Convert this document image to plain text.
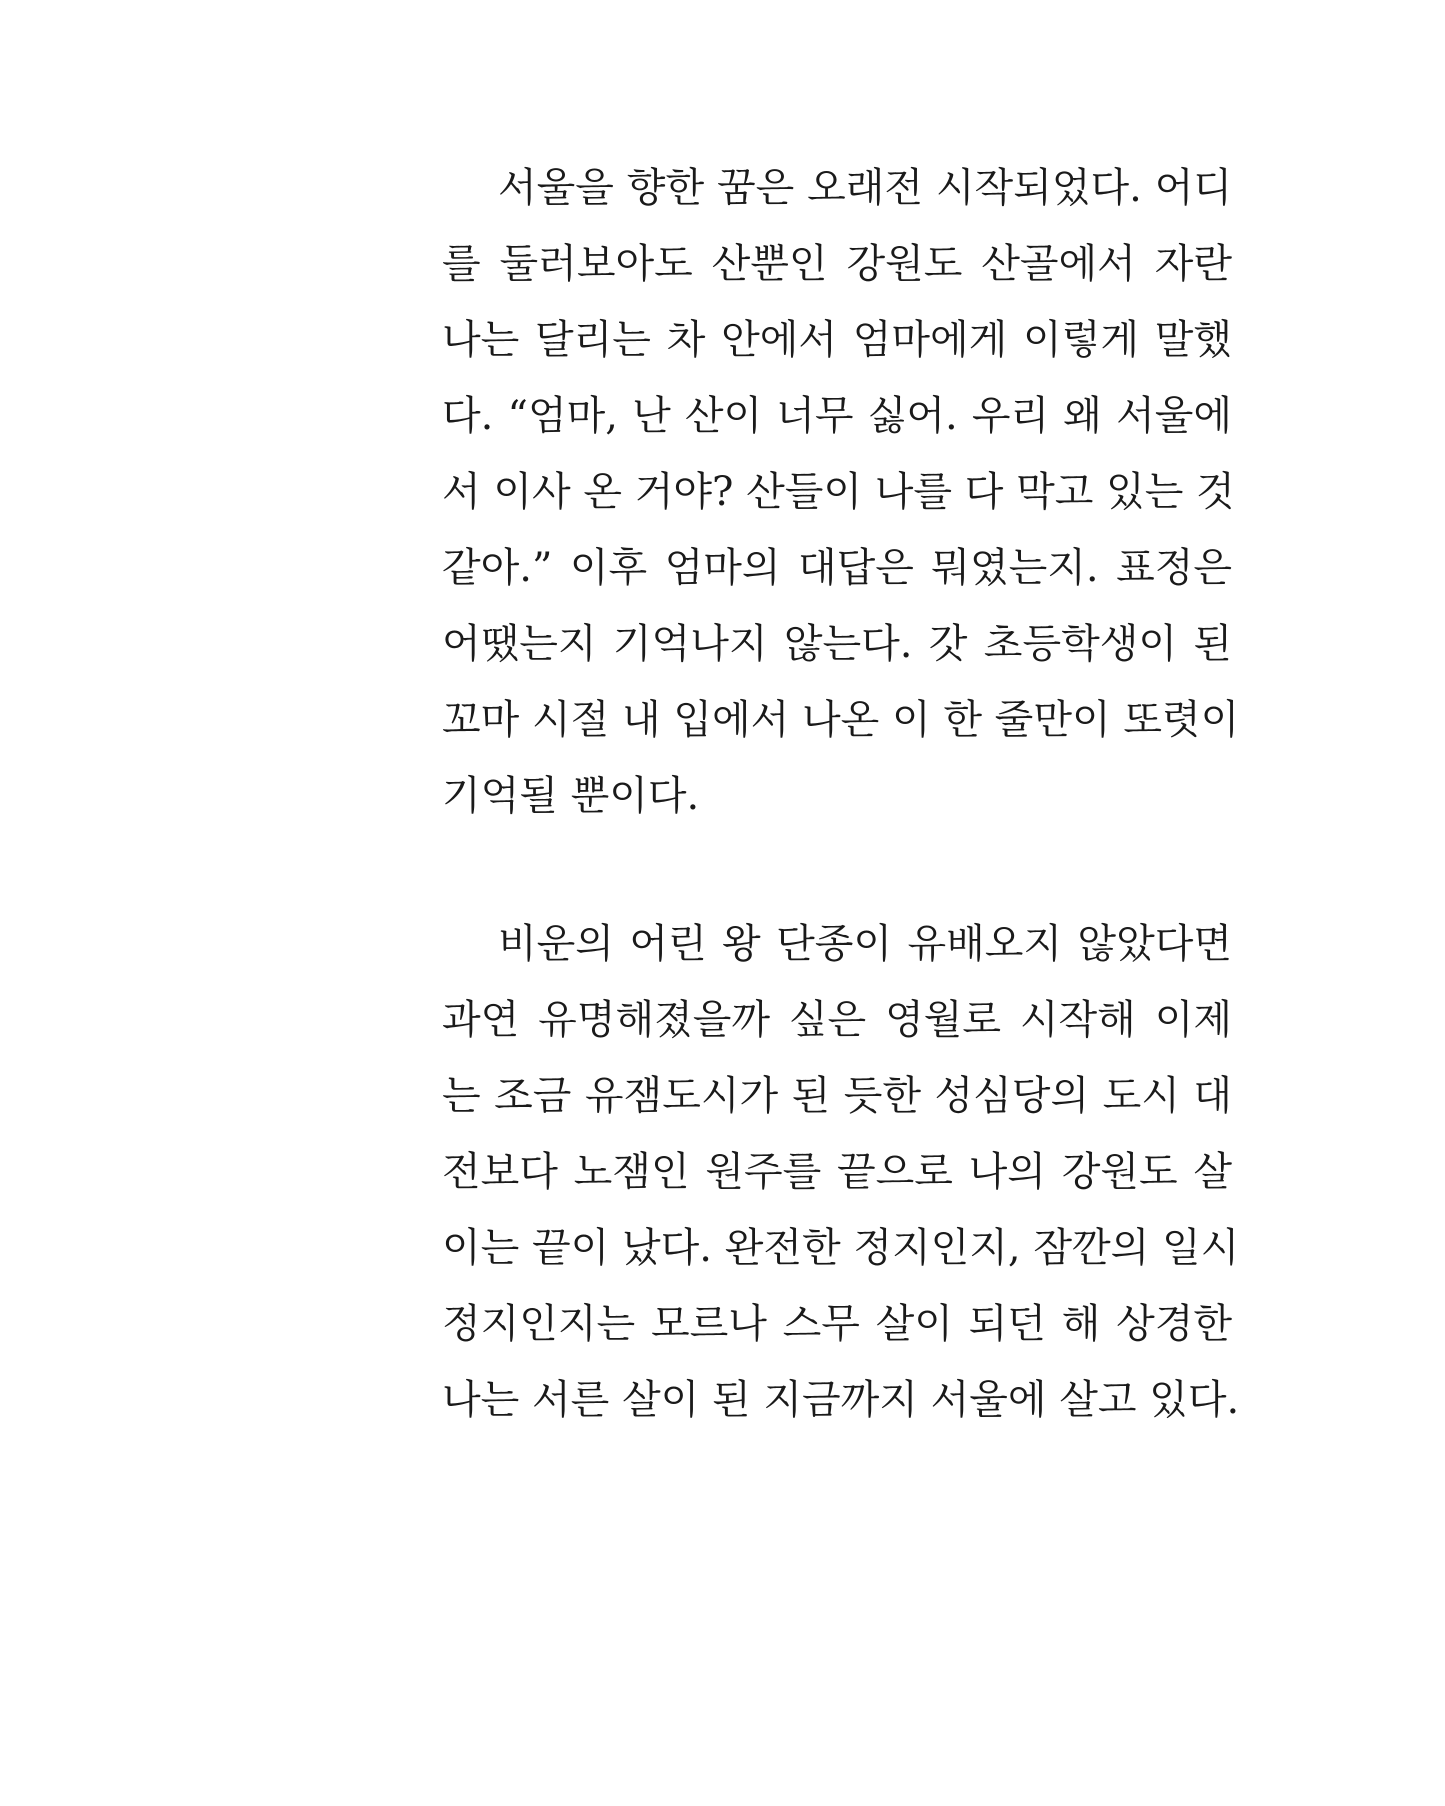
서울을 향한 꿈은 오래전 시작되었다. 어디
를 둘러보아도 산뿐인 강원도 산골에서 자란
나는 달리는 차 안에서 엄마에게 이렇게 말했
다. “엄마, 난 산이 너무 싫어. 우리 왜 서울에
서 이사 온 거야? 산들이 나를 다 막고 있는 것
같아.” 이후 엄마의 대답은 뭐였는지. 표정은
어땠는지 기억나지 않는다. 갓 초등학생이 된
꼬마 시절 내 입에서 나온 이 한 줄만이 또렷이
기억될 뿐이다.
비운의 어린 왕 단종이 유배오지 않았다면
과연 유명해졌을까 싶은 영월로 시작해 이제
는 조금 유잼도시가 된 듯한 성심당의 도시 대
전보다 노잼인 원주를 끝으로 나의 강원도 살
이는 끝이 났다. 완전한 정지인지, 잠깐의 일시
정지인지는 모르나 스무 살이 되던 해 상경한
나는 서른 살이 된 지금까지 서울에 살고 있다.
